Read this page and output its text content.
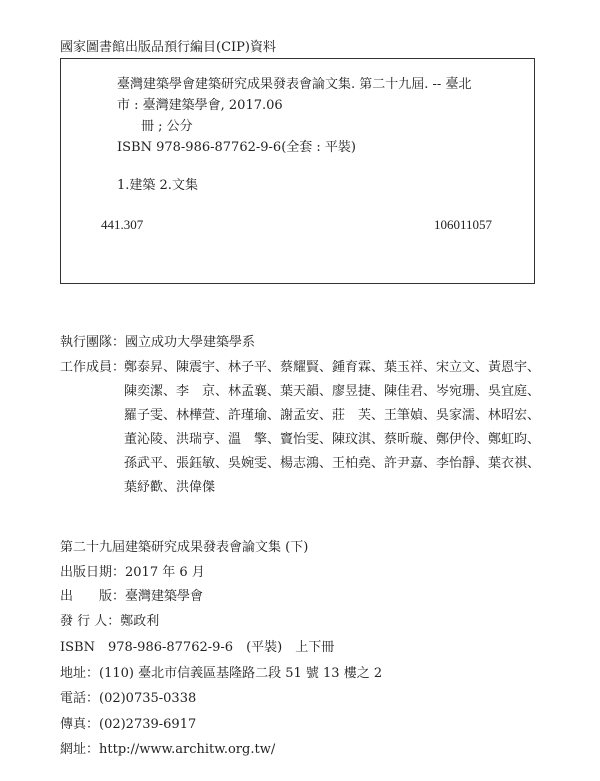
國家圖書館出版品預行編目(CIP)資料
臺灣建築學會建築研究成果發表會論文集. 第二十九屆. -- 臺北
市 : 臺灣建築學會, 2017.06
冊 ; 公分
ISBN 978-986-87762-9-6(全套 : 平裝)
1.建築 2.文集
441.307	106011057
執行團隊：國立成功大學建築學系
工作成員：
鄭泰昇、陳震宇、林子平、蔡耀賢、鍾育霖、葉玉祥、宋立文、黃恩宇、
陳奕潔、李　京、林孟襄、葉天韻、廖昱捷、陳佳君、岑宛珊、吳宜庭、
羅子雯、林樺萱、許瑾瑜、謝孟安、莊　芙、王筆媜、吳家濡、林昭宏、
董沁陵、洪瑞亨、溫　擎、竇怡雯、陳玟淇、蔡昕璇、鄭伊伶、鄭虹昀、
孫武平、張鈺敏、吳婉雯、楊志鴻、王柏堯、許尹嘉、李怡靜、葉衣祺、
葉紓歡、洪偉傑
第二十九屆建築研究成果發表會論文集 (下)
出版日期：2017 年 6 月
出　　版：臺灣建築學會
發 行 人：鄭政利
ISBN　978-986-87762-9-6　(平裝)　上下冊
地址：(110) 臺北市信義區基隆路二段 51 號 13 樓之 2
電話：(02)0735-0338
傳真：(02)2739-6917
網址：http://www.architw.org.tw/
